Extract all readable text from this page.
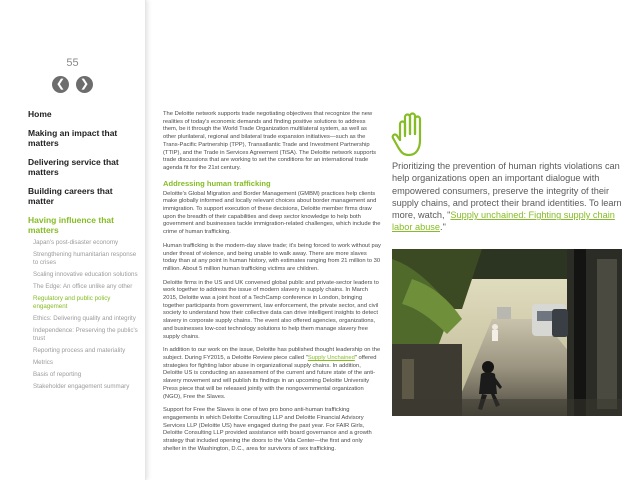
55
❮	❯
Home
Making an impact that matters
Delivering service that matters
Building careers that matter
Having influence that matters
Japan's post-disaster economy
Strengthening humanitarian response to crises
Scaling innovative education solutions
The Edge: An office unlike any other
Regulatory and public policy engagement
Ethics: Delivering quality and integrity
Independence: Preserving the public's trust
Reporting process and materiality
Metrics
Basis of reporting
Stakeholder engagement summary

The Deloitte network supports trade negotiating objectives that recognize the new realities of today's economic demands and finding positive solutions to address them, be it through the World Trade Organization multilateral system, as well as other plurilateral, regional and bilateral trade expansion initiatives—such as the Trans-Pacific Partnership (TPP), Transatlantic Trade and Investment Partnership (TTIP), and the Trade in Services Agreement (TiSA). The Deloitte network supports trade discussions that are working to set the conditions for an international trade agenda fit for the 21st century.

Addressing human trafficking

Deloitte's Global Migration and Border Management (GMBM) practices help clients make globally informed and locally relevant choices about border management and immigration. To support execution of these decisions, Deloitte member firms draw upon the breadth of their capabilities and deep sector knowledge to help both government and businesses tackle immigration-related challenges, which include the crime of human trafficking.

Human trafficking is the modern-day slave trade; it's being forced to work without pay under threat of violence, and being unable to walk away. There are more slaves today than at any point in human history, with estimates ranging from 21 million to 30 million. About 5 million human trafficking victims are children.

Deloitte firms in the US and UK convened global public and private-sector leaders to work together to address the issue of modern slavery in supply chains. In March 2015, Deloitte was a joint host of a TechCamp conference in London, bringing together participants from government, law enforcement, the private sector, and civil society to understand how their collective data can drive intelligent insights to detect slavery in corporate supply chains. The event also offered agencies, organizations, and businesses low-cost technology solutions to help them manage slavery free supply chains.

In addition to our work on the issue, Deloitte has published thought leadership on the subject. During FY2015, a Deloitte Review piece called "Supply Unchained" offered strategies for fighting labor abuse in organizational supply chains. In addition, Deloitte US is conducting an assessment of the current and future state of the anti-slavery movement and will publish its findings in an upcoming Deloitte University Press piece that will be released jointly with the nongovernmental organization (NGO), Free the Slaves.

Support for Free the Slaves is one of two pro bono anti-human trafficking engagements in which Deloitte Consulting LLP and Deloitte Financial Advisory Services LLP (Deloitte US) have engaged during the past year. For FAIR Girls, Deloitte Consulting LLP provided assistance with board governance and a growth strategy that included opening the doors to the Vida Center—the first and only shelter in the Washington, D.C., area for survivors of sex trafficking.

Prioritizing the prevention of human rights violations can help organizations open an important dialogue with empowered consumers, preserve the integrity of their supply chains, and protect their brand identities. To learn more, watch, "Supply unchained: Fighting supply chain labor abuse."
